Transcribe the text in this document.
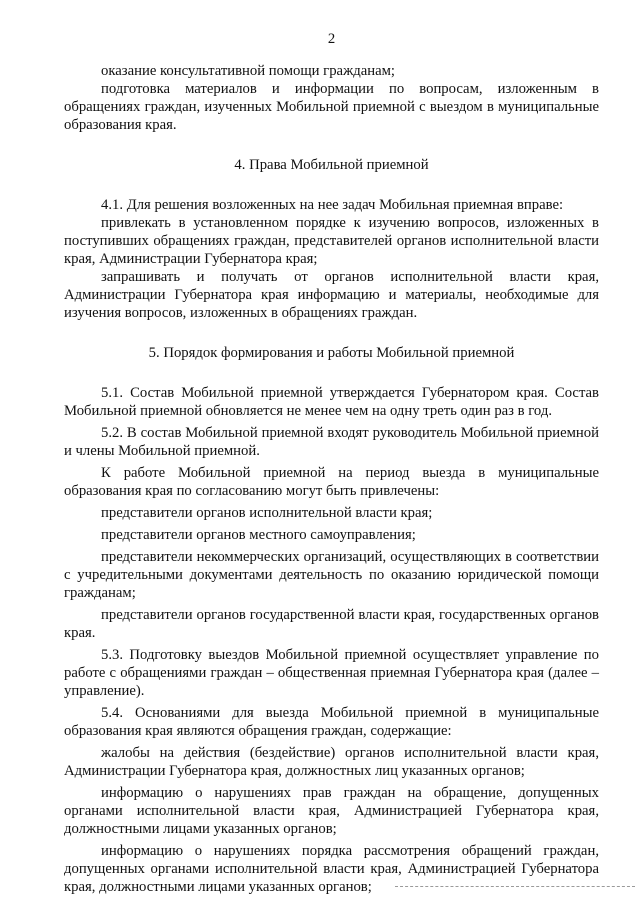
2

оказание консультативной помощи гражданам;

подготовка материалов и информации по вопросам, изложенным в обращениях граждан, изученных Мобильной приемной с выездом в муниципальные образования края.

4. Права Мобильной приемной

4.1. Для решения возложенных на нее задач Мобильная приемная вправе:

привлекать в установленном порядке к изучению вопросов, изложенных в поступивших обращениях граждан, представителей органов исполнительной власти края, Администрации Губернатора края;

запрашивать и получать от органов исполнительной власти края, Администрации Губернатора края информацию и материалы, необходимые для изучения вопросов, изложенных в обращениях граждан.

5. Порядок формирования и работы Мобильной приемной

5.1. Состав Мобильной приемной утверждается Губернатором края. Состав Мобильной приемной обновляется не менее чем на одну треть один раз в год.

5.2. В состав Мобильной приемной входят руководитель Мобильной приемной и члены Мобильной приемной.

К работе Мобильной приемной на период выезда в муниципальные образования края по согласованию могут быть привлечены:

представители органов исполнительной власти края;

представители органов местного самоуправления;

представители некоммерческих организаций, осуществляющих в соответствии с учредительными документами деятельность по оказанию юридической помощи гражданам;

представители органов государственной власти края, государственных органов края.

5.3. Подготовку выездов Мобильной приемной осуществляет управление по работе с обращениями граждан – общественная приемная Губернатора края (далее – управление).

5.4. Основаниями для выезда Мобильной приемной в муниципальные образования края являются обращения граждан, содержащие:

жалобы на действия (бездействие) органов исполнительной власти края, Администрации Губернатора края, должностных лиц указанных органов;

информацию о нарушениях прав граждан на обращение, допущенных органами исполнительной власти края, Администрацией Губернатора края, должностными лицами указанных органов;

информацию о нарушениях порядка рассмотрения обращений граждан, допущенных органами исполнительной власти края, Администрацией Губернатора края, должностными лицами указанных органов;
